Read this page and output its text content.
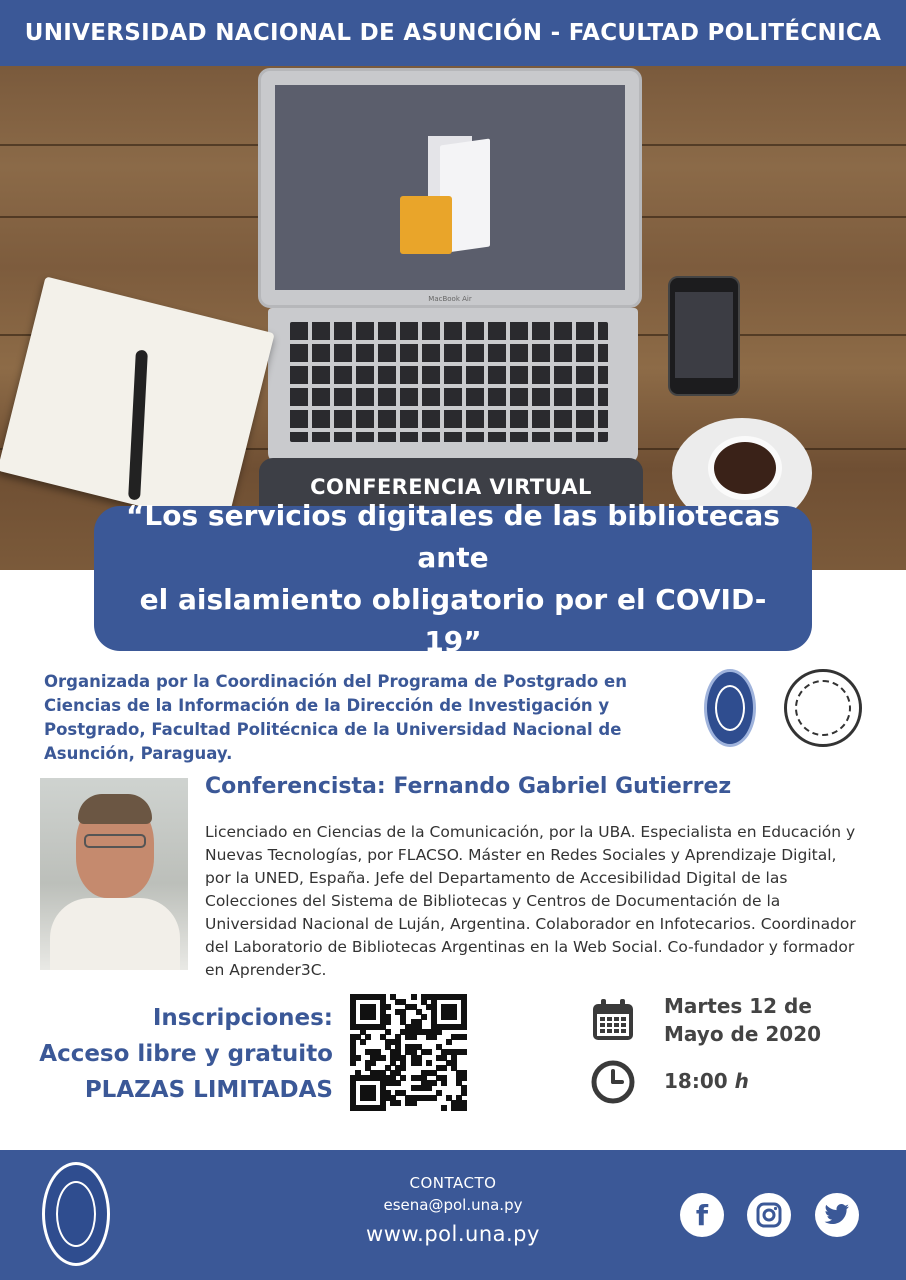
UNIVERSIDAD NACIONAL DE ASUNCIÓN - FACULTAD POLITÉCNICA
MacBook Air
CONFERENCIA VIRTUAL
“Los servicios digitales de las bibliotecas ante
el aislamiento obligatorio por el COVID-19”
Organizada por la Coordinación del Programa de Postgrado en Ciencias de la Información de la Dirección de Investigación y Postgrado, Facultad Politécnica de la Universidad Nacional de Asunción, Paraguay.
Conferencista: Fernando Gabriel Gutierrez
Licenciado en Ciencias de la Comunicación, por la UBA. Especialista en Educación y Nuevas Tecnologías, por FLACSO. Máster en Redes Sociales y Aprendizaje Digital, por la UNED, España. Jefe del Departamento de Accesibilidad Digital de las Colecciones del Sistema de Bibliotecas y Centros de Documentación de la Universidad Nacional de Luján, Argentina. Colaborador en Infotecarios. Coordinador del Laboratorio de Bibliotecas Argentinas en la Web Social. Co-fundador y formador en Aprender3C.
Inscripciones:
Acceso libre y gratuito
PLAZAS LIMITADAS
Martes 12 de
Mayo de 2020
18:00 h
CONTACTO
esena@pol.una.py
www.pol.una.py
f
